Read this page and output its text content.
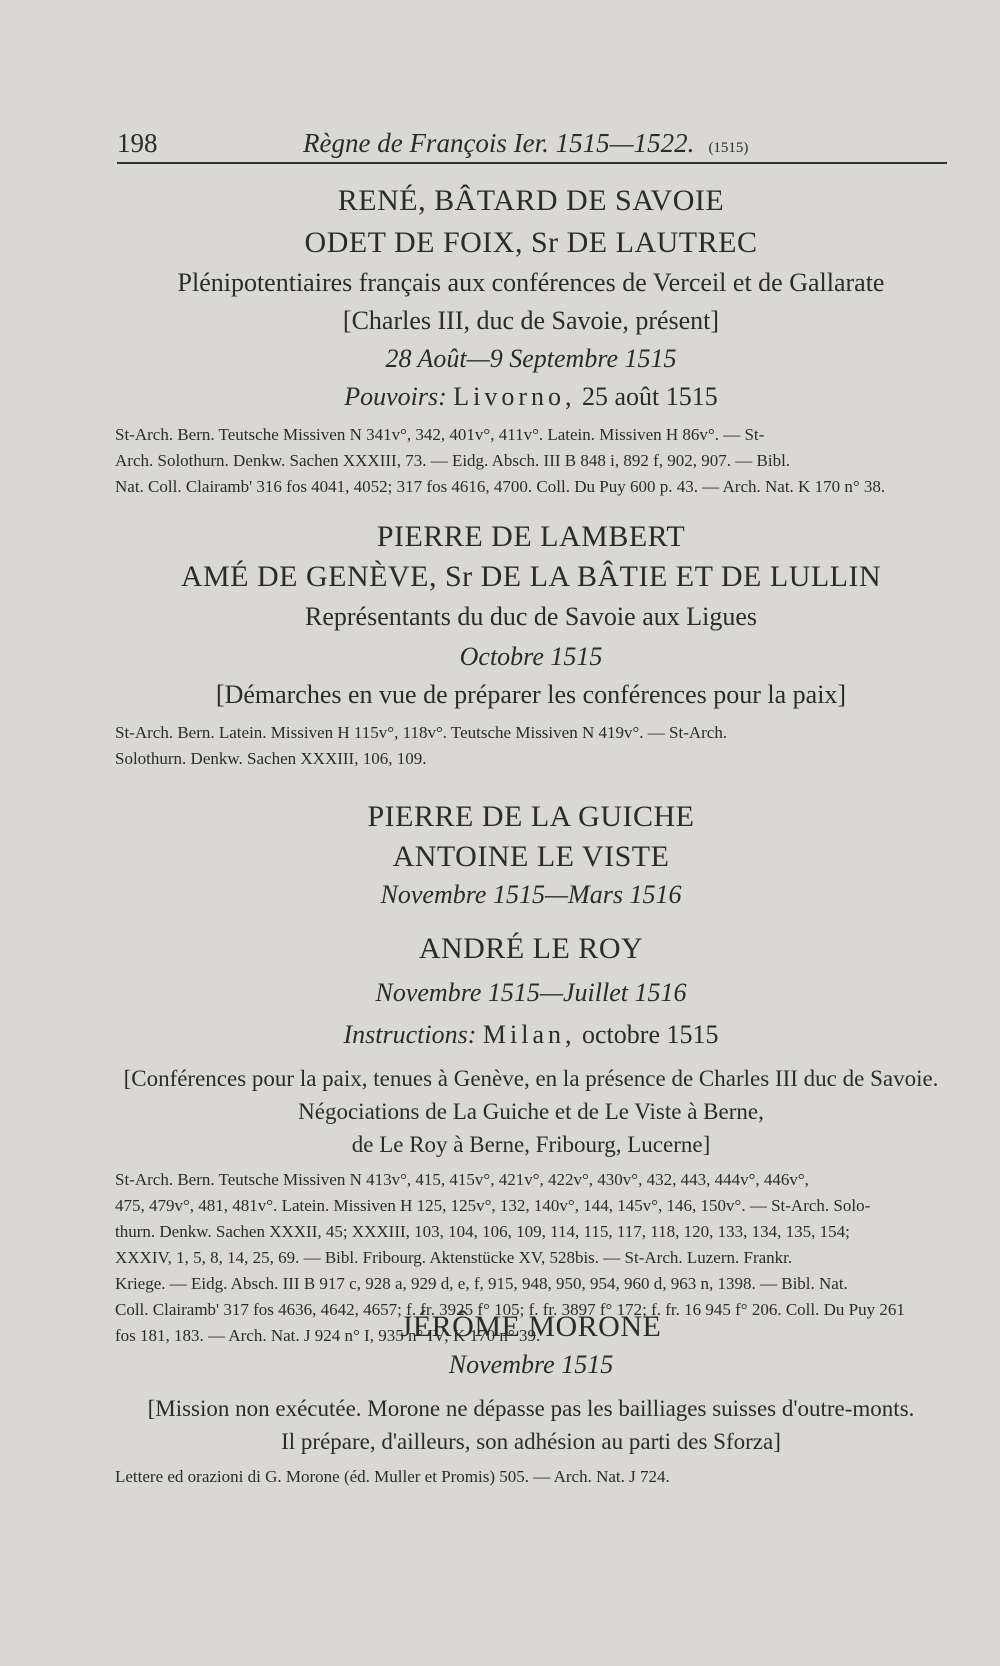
198	Règne de François Ier. 1515—1522. (1515)
RENÉ, BÂTARD DE SAVOIE
ODET DE FOIX, Sr DE LAUTREC
Plénipotentiaires français aux conférences de Verceil et de Gallarate
[Charles III, duc de Savoie, présent]
28 Août—9 Septembre 1515
Pouvoirs: Livorno, 25 août 1515
St-Arch. Bern. Teutsche Missiven N 341v°, 342, 401v°, 411v°. Latein. Missiven H 86v°. — St-
Arch. Solothurn. Denkw. Sachen XXXIII, 73. — Eidg. Absch. III B 848 i, 892 f, 902, 907. — Bibl.
Nat. Coll. Clairamb' 316 fos 4041, 4052; 317 fos 4616, 4700. Coll. Du Puy 600 p. 43. — Arch. Nat. K 170 n° 38.
PIERRE DE LAMBERT
AMÉ DE GENÈVE, Sr DE LA BÂTIE ET DE LULLIN
Représentants du duc de Savoie aux Ligues
Octobre 1515
[Démarches en vue de préparer les conférences pour la paix]
St-Arch. Bern. Latein. Missiven H 115v°, 118v°. Teutsche Missiven N 419v°. — St-Arch.
Solothurn. Denkw. Sachen XXXIII, 106, 109.
PIERRE DE LA GUICHE
ANTOINE LE VISTE
Novembre 1515—Mars 1516
ANDRÉ LE ROY
Novembre 1515—Juillet 1516
Instructions: Milan, octobre 1515
[Conférences pour la paix, tenues à Genève, en la présence de Charles III duc de Savoie.
Négociations de La Guiche et de Le Viste à Berne,
de Le Roy à Berne, Fribourg, Lucerne]
St-Arch. Bern. Teutsche Missiven N 413v°, 415, 415v°, 421v°, 422v°, 430v°, 432, 443, 444v°, 446v°,
475, 479v°, 481, 481v°. Latein. Missiven H 125, 125v°, 132, 140v°, 144, 145v°, 146, 150v°. — St-Arch. Solo-
thurn. Denkw. Sachen XXXII, 45; XXXIII, 103, 104, 106, 109, 114, 115, 117, 118, 120, 133, 134, 135, 154;
XXXIV, 1, 5, 8, 14, 25, 69. — Bibl. Fribourg. Aktenstücke XV, 528bis. — St-Arch. Luzern. Frankr.
Kriege. — Eidg. Absch. III B 917 c, 928 a, 929 d, e, f, 915, 948, 950, 954, 960 d, 963 n, 1398. — Bibl. Nat.
Coll. Clairamb' 317 fos 4636, 4642, 4657; f. fr. 3925 f° 105; f. fr. 3897 f° 172; f. fr. 16 945 f° 206. Coll. Du Puy 261
fos 181, 183. — Arch. Nat. J 924 n° I, 935 n° IV; K 170 n° 39.
JÉRÔME MORONE
Novembre 1515
[Mission non exécutée. Morone ne dépasse pas les bailliages suisses d'outre-monts.
Il prépare, d'ailleurs, son adhésion au parti des Sforza]
Lettere ed orazioni di G. Morone (éd. Muller et Promis) 505. — Arch. Nat. J 724.
